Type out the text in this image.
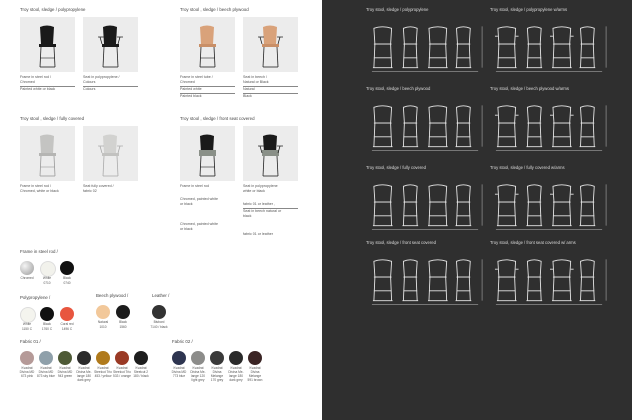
Troy stool, sledge / polypropylene
Frame in steel rod /
Chromed
Painted white or black
Seat in polypropylene /
Colours
Colours
Troy stool , sledge / beech plywood
Frame in steel tube /
Chromed
Painted white
Painted black
Seat in beech /
Natural or Black
Natural
Black
Troy stool , sledge / fully covered
Frame in steel rod /
Chromed, white or black
Seat fully covered /
fabric 02
Troy stool , sledge / front seat covered
Frame in steel rod
Chromed, painted white
or black
Chromed, painted white
or black
Seat in polypropylene
white or black
fabric 01 or leather ,
Seat in beech natural or
black
fabric 01 or leather
Frame in steel rod /
Chromed	White
0710
Black
0740
Polypropylene /
White
1150 C
Black
1760 C
Coral red
1496 C
Beech plywood /
Natural
1010
Black
1560
Leather /
Bisbord
7140 / black
Fabric 01 /
Kvadrat Divina MD 673 pink
Kvadrat Divina MD 873 sky blue
Kvadrat Divina MD 943 green
Kvadrat Divina Me-lange 180 dark grey
Kvadrat Steelcut Trio 453 / yellow
Kvadrat Steelcut Trio 533 / orange
Kvadrat Steelcut 2 180 / black
Fabric 02 /
Kvadrat Divina MD 773 blue
Kvadrat Divina Me-lange 120 light grey
Kvadrat Divina Melange 170 grey
Kvadrat Divina Me-lange 180 dark grey
Kvadrat Divina Melange 591 brown
Troy stool, sledge / polypropylene	Troy stool, sledge / polypropylene w/arms
Troy stool, sledge / beech plywood	Troy stool, sledge / beech plywood w/arms
Troy stool, sledge / fully covered	Troy stool, sledge / fully covered w/arms
Troy stool, sledge / front seat covered	Troy stool, sledge / front seat covered w/ arms
